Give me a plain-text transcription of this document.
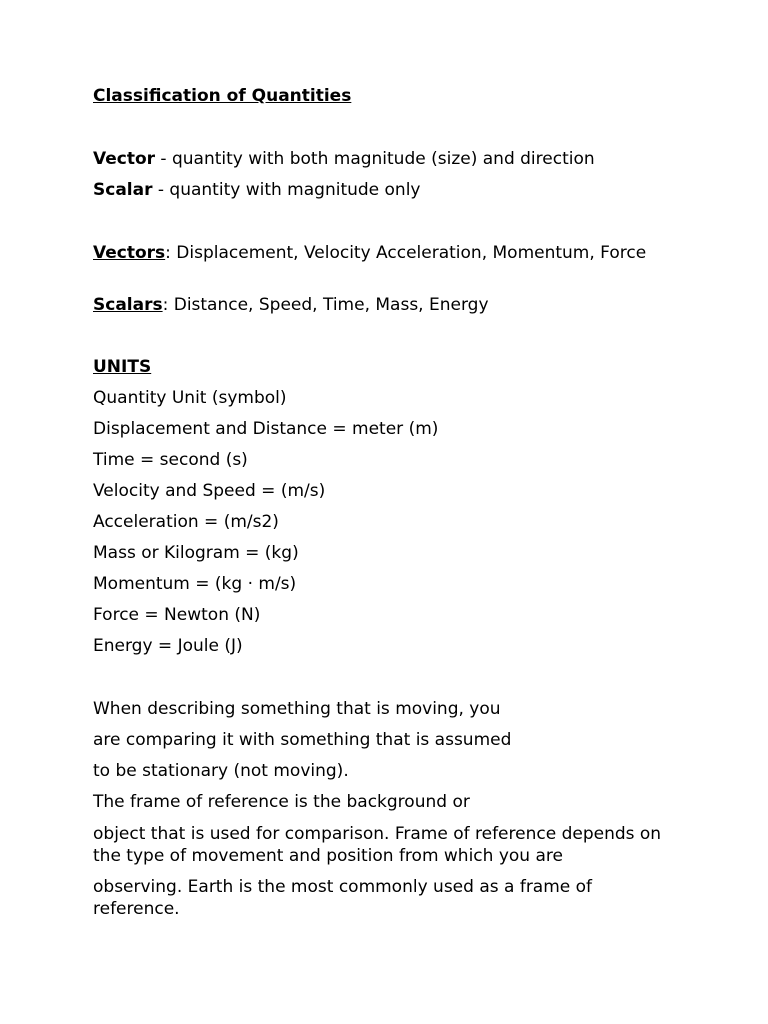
Classification of Quantities
Vector - quantity with both magnitude (size) and direction
Scalar - quantity with magnitude only
Vectors: Displacement, Velocity Acceleration, Momentum, Force
Scalars: Distance, Speed, Time, Mass, Energy
UNITS
Quantity Unit (symbol)
Displacement and Distance = meter (m)
Time = second (s)
Velocity and Speed = (m/s)
Acceleration = (m/s2)
Mass or Kilogram = (kg)
Momentum = (kg · m/s)
Force = Newton (N)
Energy = Joule (J)
When describing something that is moving, you
are comparing it with something that is assumed
to be stationary (not moving).
The frame of reference is the background or
object that is used for comparison. Frame of reference depends on the type of movement and position from which you are
observing. Earth is the most commonly used as a frame of reference.
